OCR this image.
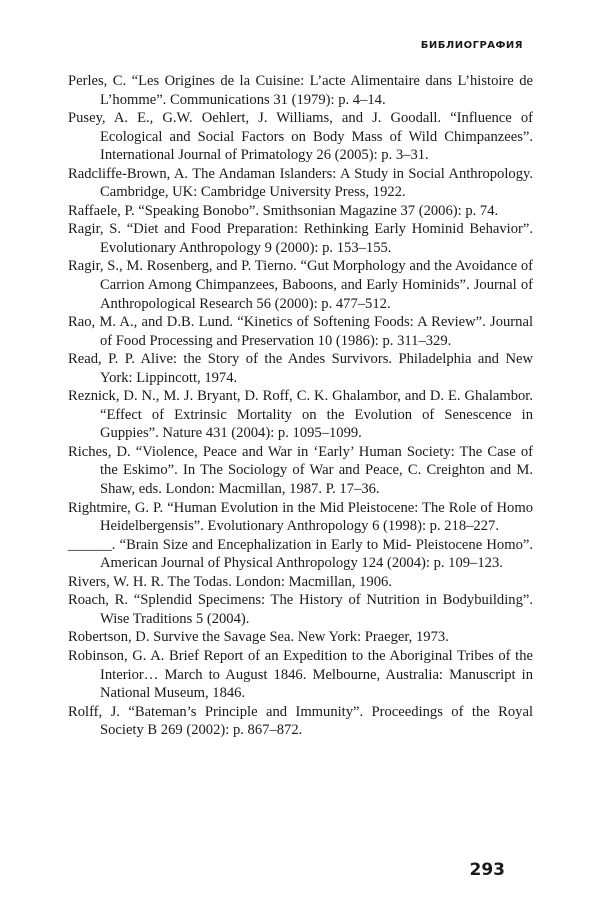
БИБЛИОГРАФИЯ
Perles, C. “Les Origines de la Cuisine: L’acte Alimentaire dans L’histoire de L’homme”. Communications 31 (1979): p. 4–14.
Pusey, A. E., G.W. Oehlert, J. Williams, and J. Goodall. “Influence of Ecological and Social Factors on Body Mass of Wild Chimpanzees”. International Journal of Primatology 26 (2005): p. 3–31.
Radcliffe-Brown, A. The Andaman Islanders: A Study in Social Anthropology. Cambridge, UK: Cambridge University Press, 1922.
Raffaele, P. “Speaking Bonobo”. Smithsonian Magazine 37 (2006): p. 74.
Ragir, S. “Diet and Food Preparation: Rethinking Early Hominid Behavior”. Evolutionary Anthropology 9 (2000): p. 153–155.
Ragir, S., M. Rosenberg, and P. Tierno. “Gut Morphology and the Avoidance of Carrion Among Chimpanzees, Baboons, and Early Hominids”. Journal of Anthropological Research 56 (2000): p. 477–512.
Rao, M. A., and D.B. Lund. “Kinetics of Softening Foods: A Review”. Journal of Food Processing and Preservation 10 (1986): p. 311–329.
Read, P. P. Alive: the Story of the Andes Survivors. Philadelphia and New York: Lippincott, 1974.
Reznick, D. N., M. J. Bryant, D. Roff, C. K. Ghalambor, and D. E. Ghalambor. “Effect of Extrinsic Mortality on the Evolution of Senescence in Guppies”. Nature 431 (2004): p. 1095–1099.
Riches, D. “Violence, Peace and War in ‘Early’ Human Society: The Case of the Eskimo”. In The Sociology of War and Peace, C. Creighton and M. Shaw, eds. London: Macmillan, 1987. P. 17–36.
Rightmire, G. P. “Human Evolution in the Mid Pleistocene: The Role of Homo Heidelbergensis”. Evolutionary Anthropology 6 (1998): p. 218–227.
______. “Brain Size and Encephalization in Early to Mid- Pleistocene Homo”. American Journal of Physical Anthropology 124 (2004): p. 109–123.
Rivers, W. H. R. The Todas. London: Macmillan, 1906.
Roach, R. “Splendid Specimens: The History of Nutrition in Bodybuilding”. Wise Traditions 5 (2004).
Robertson, D. Survive the Savage Sea. New York: Praeger, 1973.
Robinson, G. A. Brief Report of an Expedition to the Aboriginal Tribes of the Interior… March to August 1846. Melbourne, Australia: Manuscript in National Museum, 1846.
Rolff, J. “Bateman’s Principle and Immunity”. Proceedings of the Royal Society B 269 (2002): p. 867–872.
293
